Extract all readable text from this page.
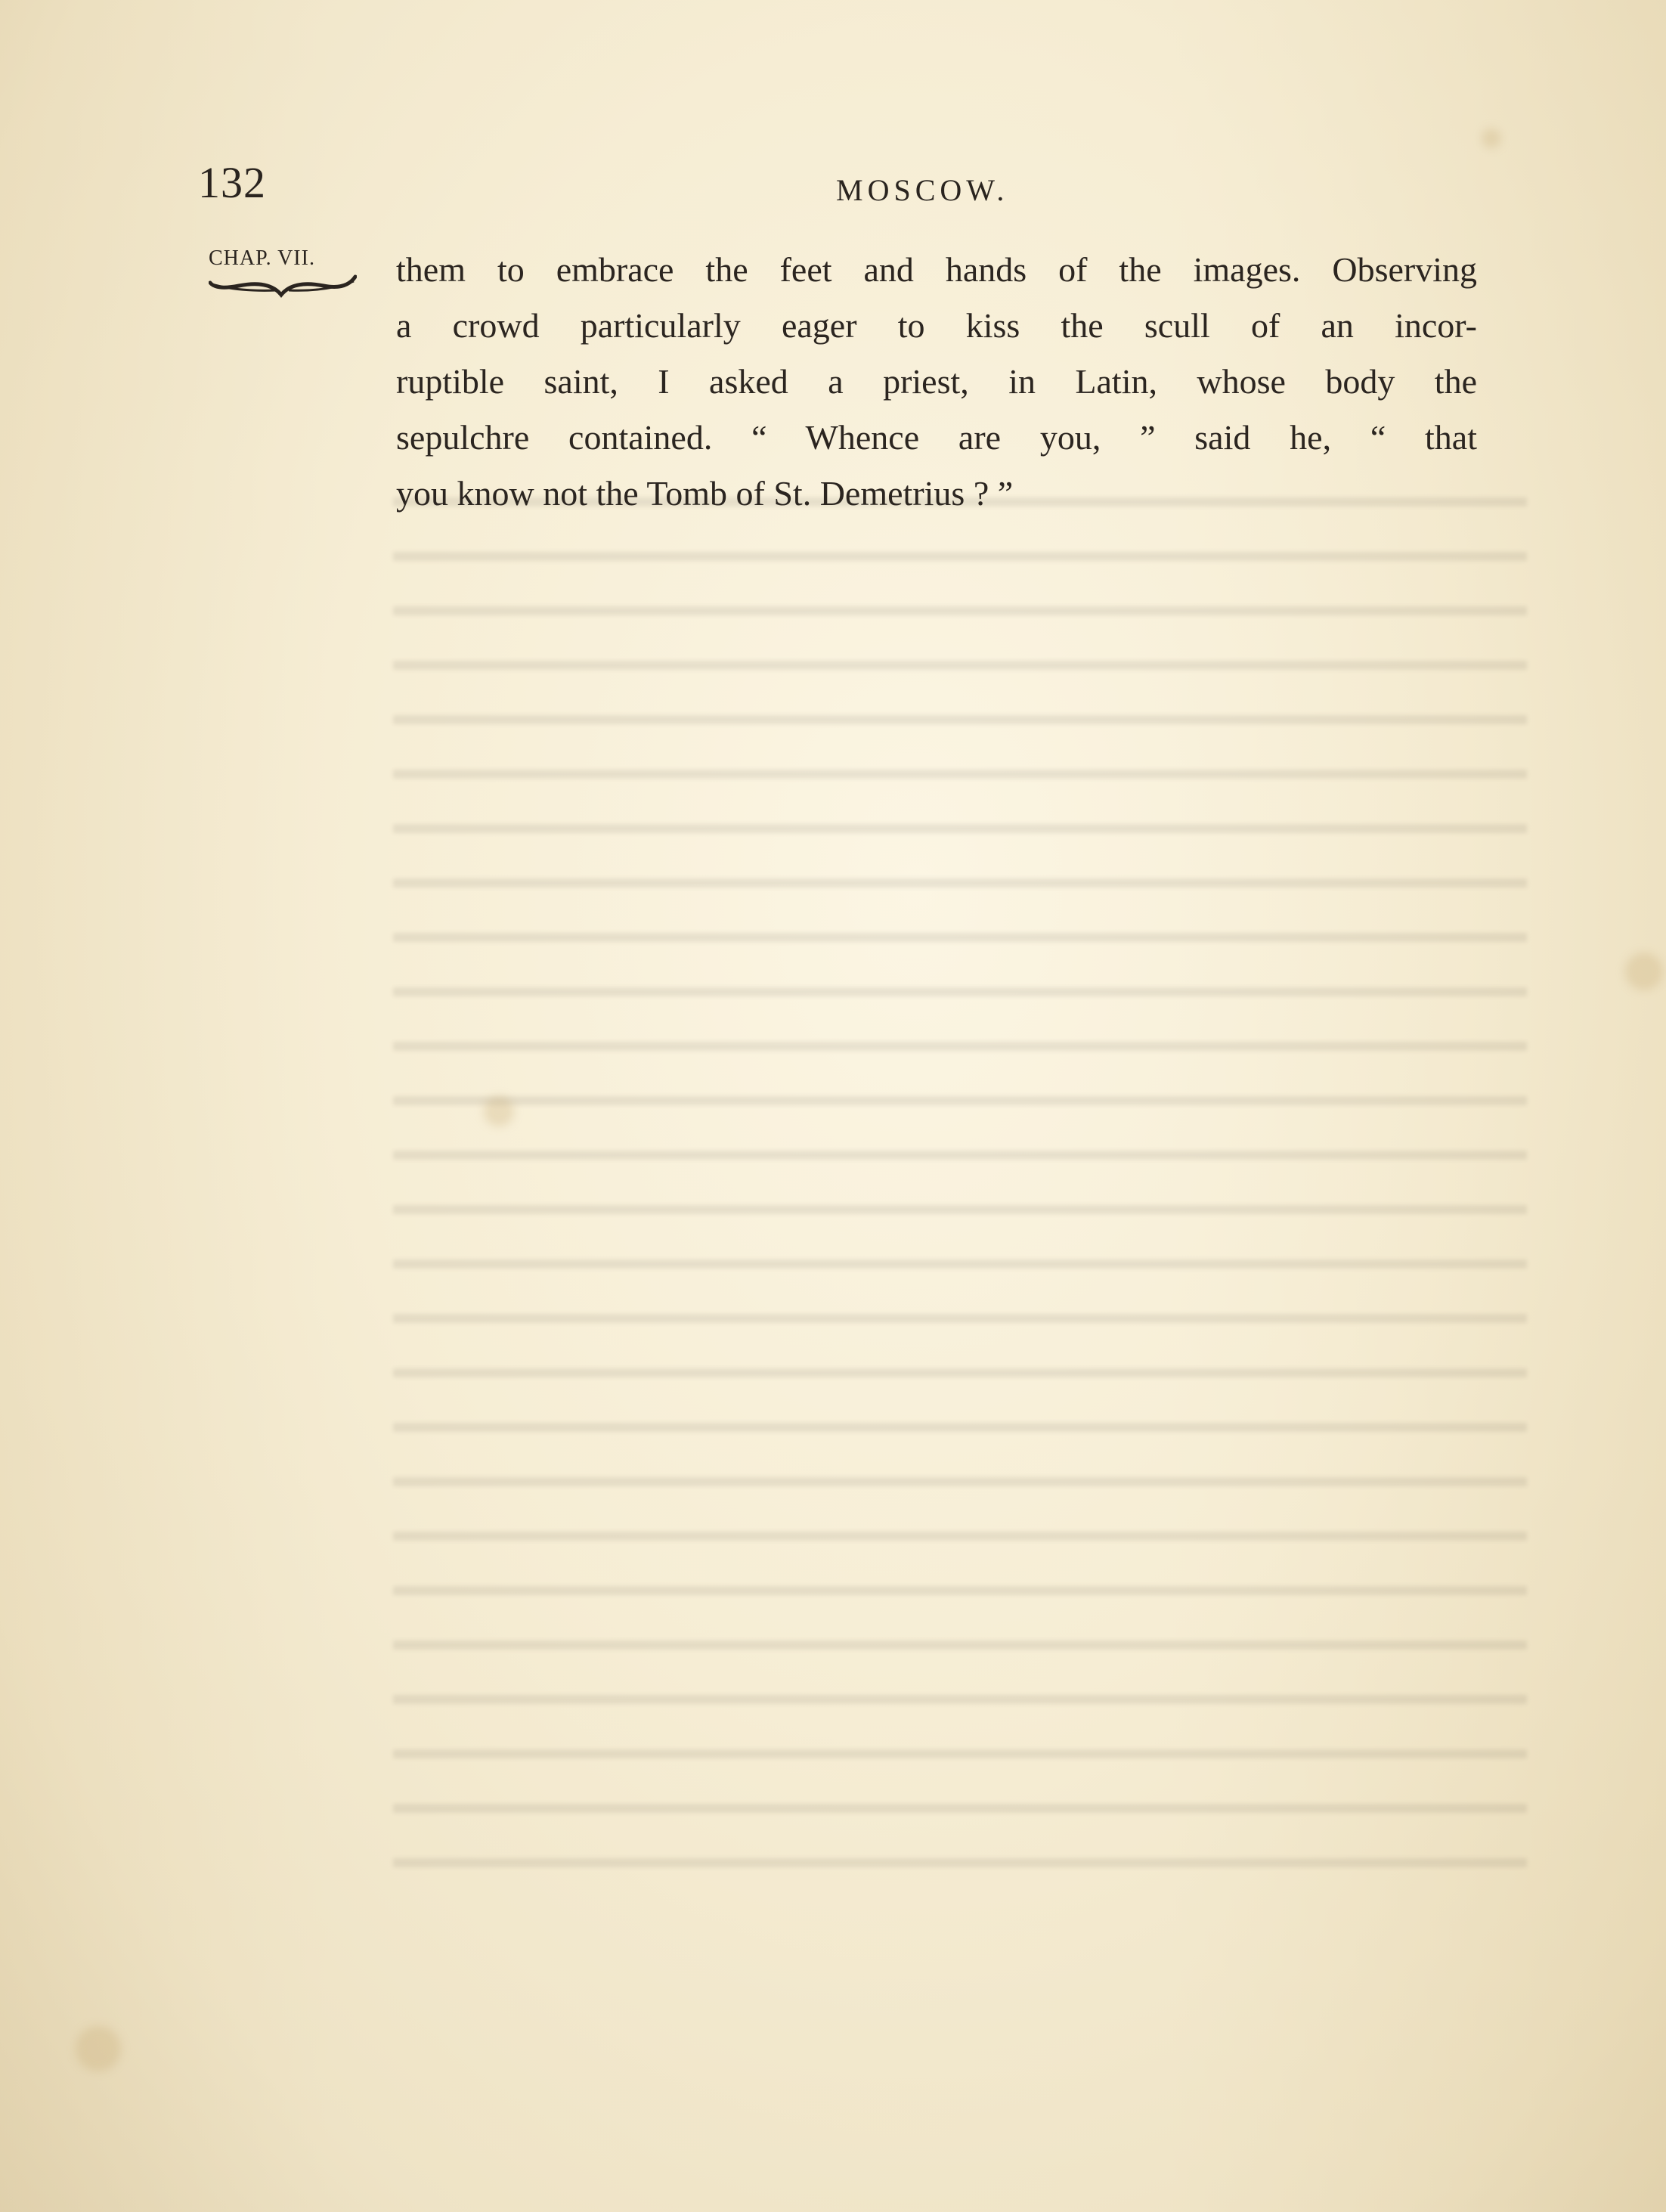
132	MOSCOW.
CHAP. VII.	them to embrace the feet and hands of the images. Observing
a crowd particularly eager to kiss the scull of an incor-
ruptible saint, I asked a priest, in Latin, whose body the
sepulchre contained. “ Whence are you, ” said he, “ that
you know not the Tomb of St. Demetrius ? ”
